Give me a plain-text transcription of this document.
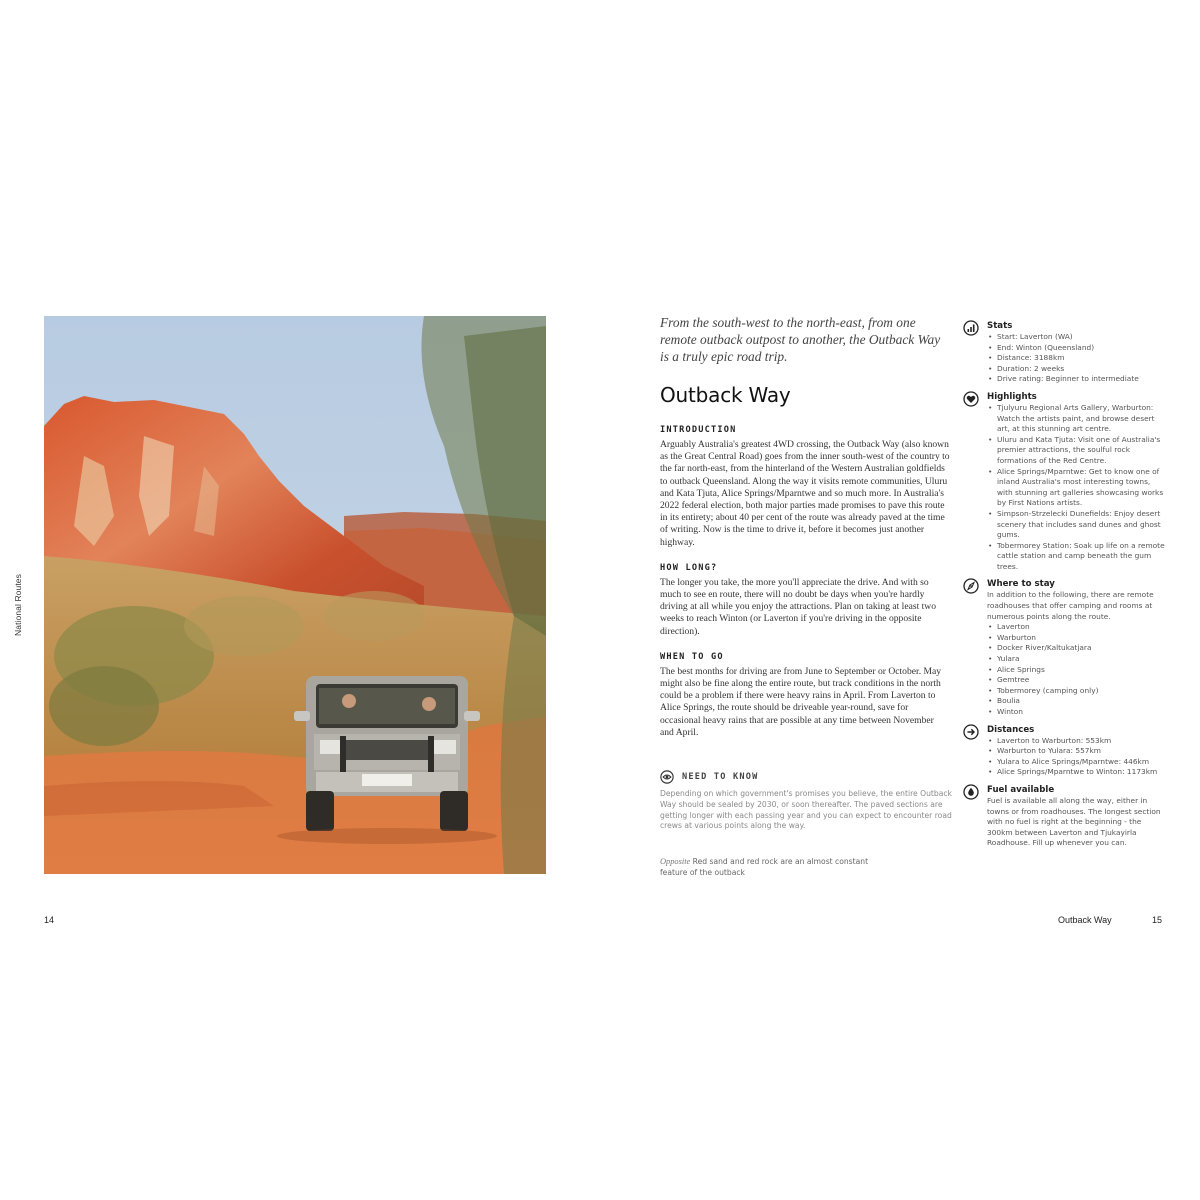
National Routes
14

From the south-west to the north-east, from one remote outback outpost to another, the Outback Way is a truly epic road trip.

Outback Way
INTRODUCTION

Arguably Australia's greatest 4WD crossing, the Outback Way (also known as the Great Central Road) goes from the inner south-west of the country to the far north-east, from the hinterland of the Western Australian goldfields to outback Queensland. Along the way it visits remote communities, Uluru and Kata Tjuta, Alice Springs/Mparntwe and so much more. In Australia's 2022 federal election, both major parties made promises to pave this route in its entirety; about 40 per cent of the route was already paved at the time of writing. Now is the time to drive it, before it becomes just another highway.

HOW LONG?

The longer you take, the more you'll appreciate the drive. And with so much to see en route, there will no doubt be days when you're hardly driving at all while you enjoy the attractions. Plan on taking at least two weeks to reach Winton (or Laverton if you're driving in the opposite direction).

WHEN TO GO

The best months for driving are from June to September or October. May might also be fine along the entire route, but track conditions in the north could be a problem if there were heavy rains in April. From Laverton to Alice Springs, the route should be driveable year-round, save for occasional heavy rains that are possible at any time between November and April.

NEED TO KNOW

Depending on which government's promises you believe, the entire Outback Way should be sealed by 2030, or soon thereafter. The paved sections are getting longer with each passing year and you can expect to encounter road crews at various points along the way.

Opposite Red sand and red rock are an almost constant feature of the outback

Stats

• Start: Laverton (WA)
• End: Winton (Queensland)
• Distance: 3188km
• Duration: 2 weeks
• Drive rating: Beginner to intermediate

Highlights

• Tjulyuru Regional Arts Gallery, Warburton: Watch the artists paint, and browse desert art, at this stunning art centre.
• Uluru and Kata Tjuta: Visit one of Australia's premier attractions, the soulful rock formations of the Red Centre.
• Alice Springs/Mparntwe: Get to know one of inland Australia's most interesting towns, with stunning art galleries showcasing works by First Nations artists.
• Simpson-Strzelecki Dunefields: Enjoy desert scenery that includes sand dunes and ghost gums.
• Tobermorey Station: Soak up life on a remote cattle station and camp beneath the gum trees.

Where to stay

In addition to the following, there are remote roadhouses that offer camping and rooms at numerous points along the route.

• Laverton
• Warburton
• Docker River/Kaltukatjara
• Yulara
• Alice Springs
• Gemtree
• Tobermorey (camping only)
• Boulia
• Winton

Distances

• Laverton to Warburton: 553km
• Warburton to Yulara: 557km
• Yulara to Alice Springs/Mparntwe: 446km
• Alice Springs/Mparntwe to Winton: 1173km

Fuel available

Fuel is available all along the way, either in towns or from roadhouses. The longest section with no fuel is right at the beginning - the 300km between Laverton and Tjukayirla Roadhouse. Fill up whenever you can.

Outback Way	15
